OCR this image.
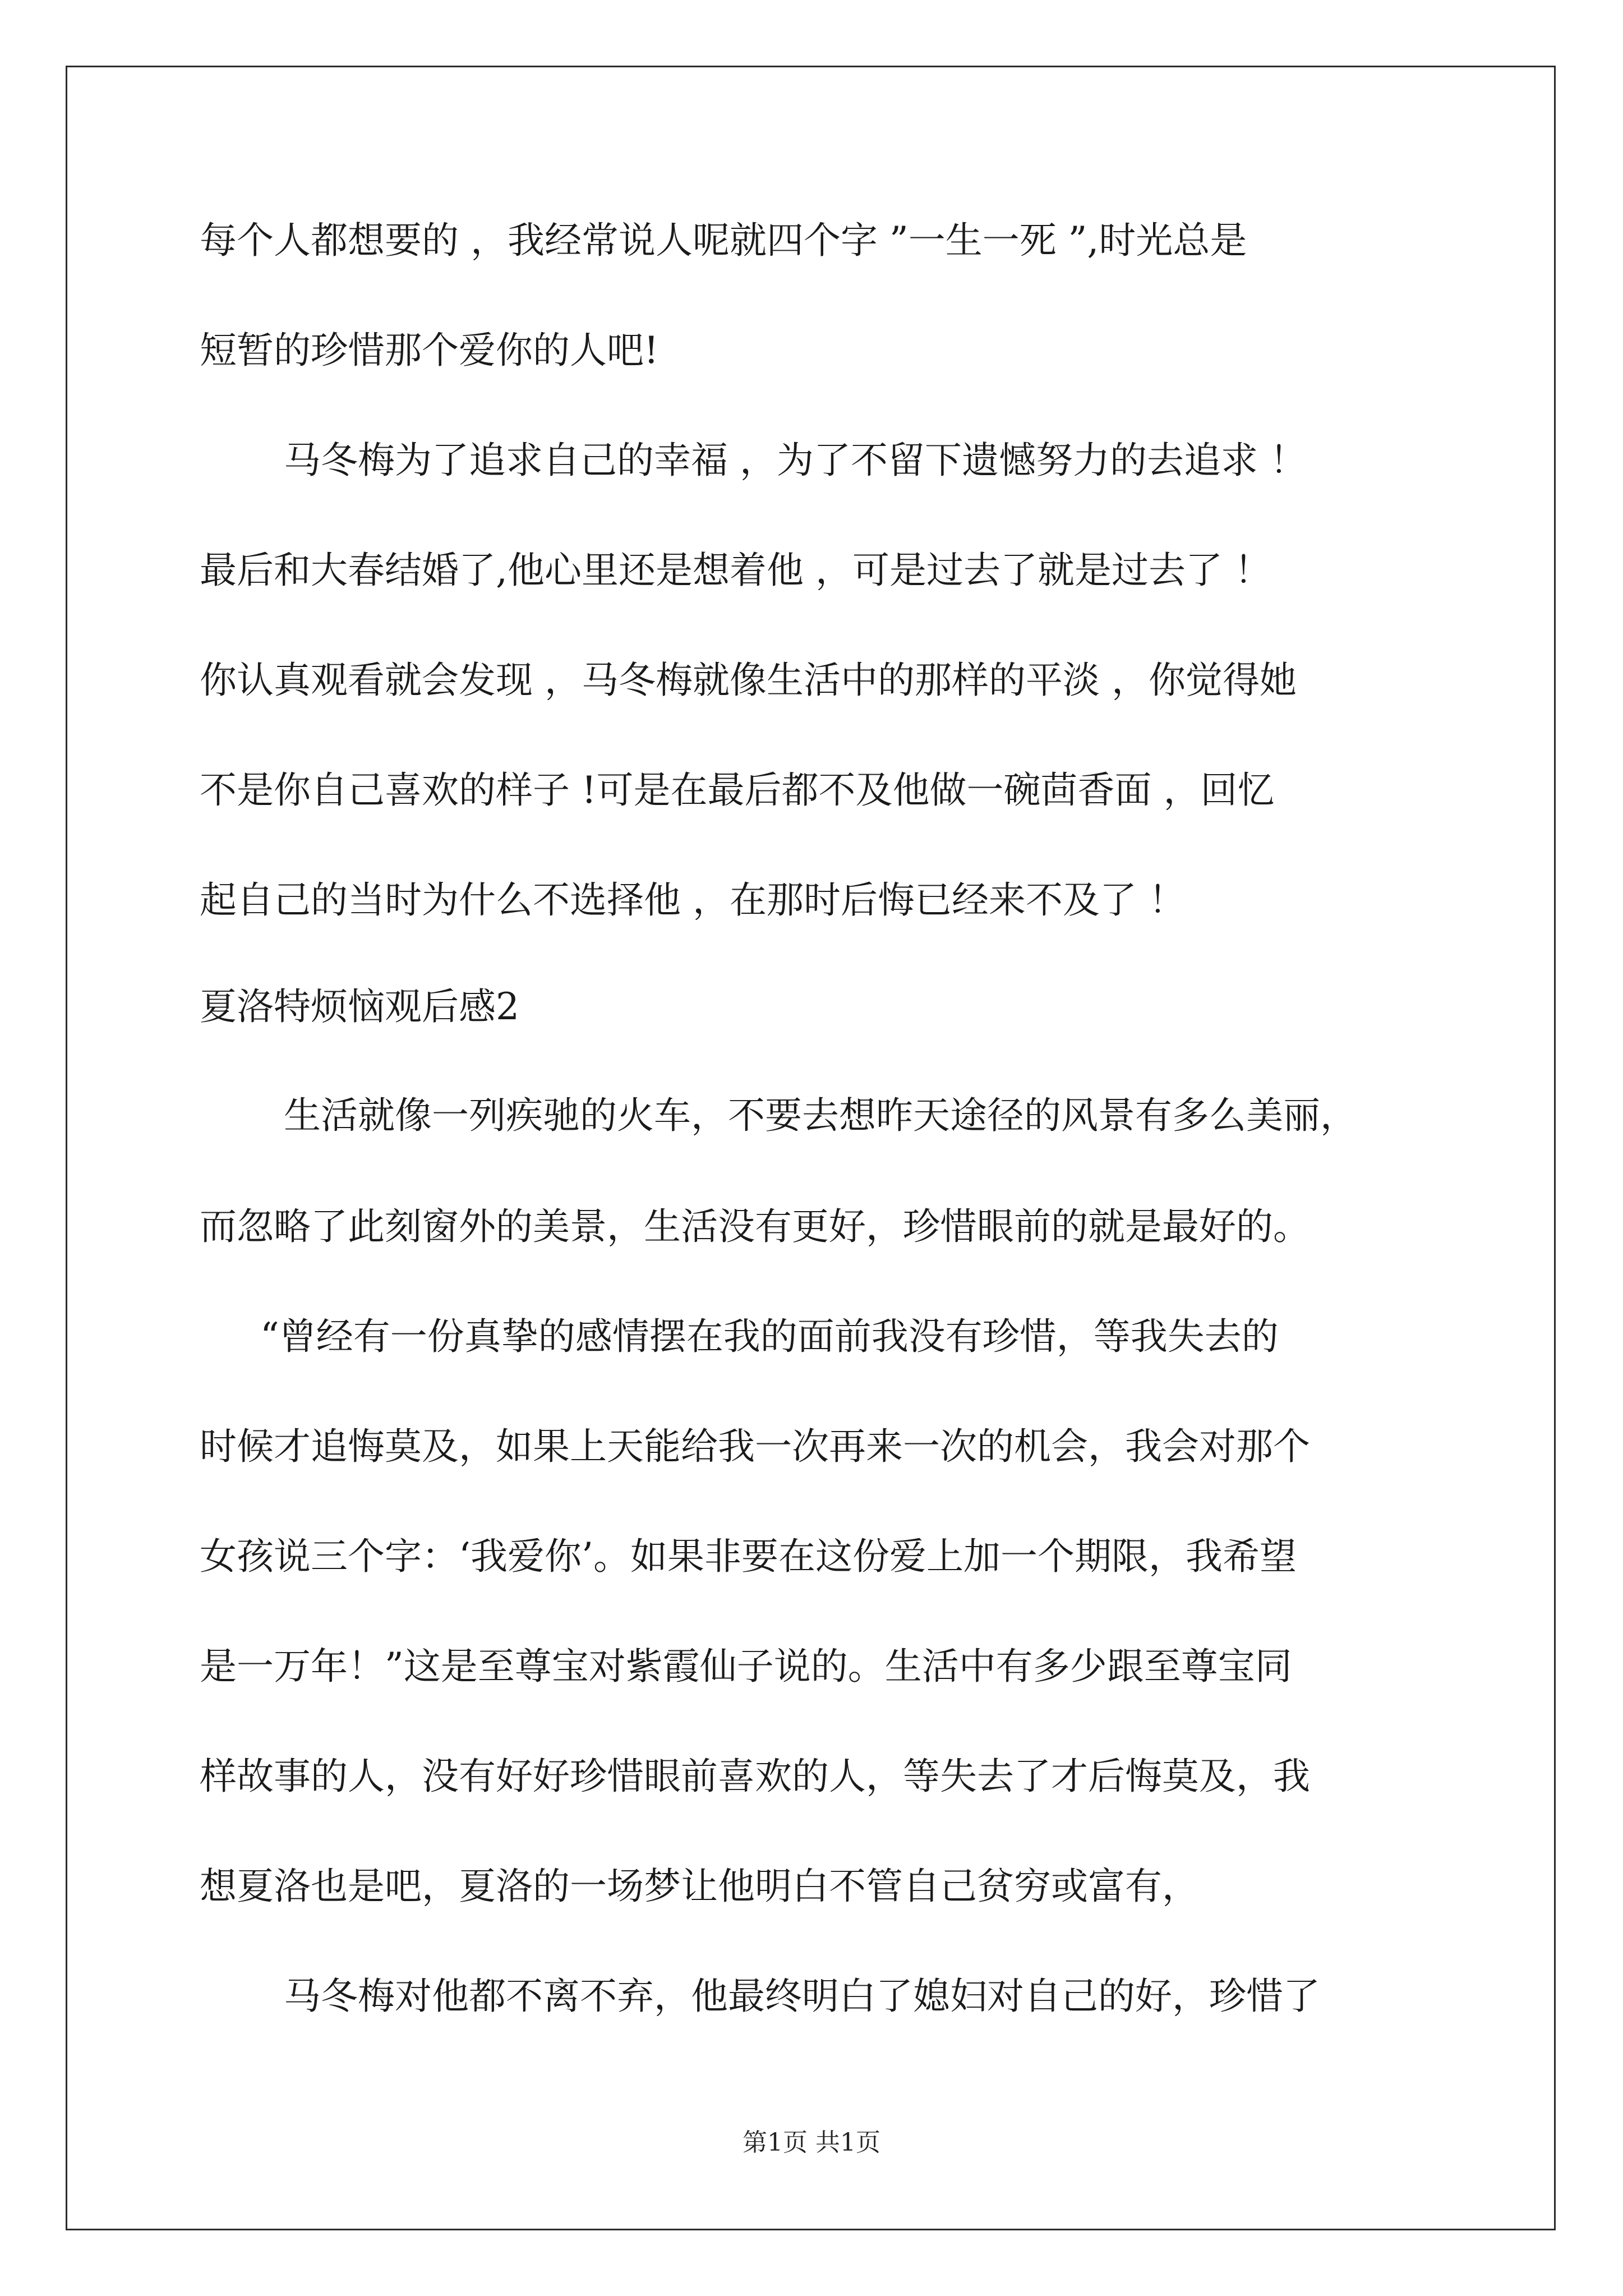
每个人都想要的 ，我经常说人呢就四个字 ”一生一死 ”,时光总是
短暂的珍惜那个爱你的人吧!
马冬梅为了追求自己的幸福 ，为了不留下遗憾努力的去追求 ！
最后和大春结婚了,他心里还是想着他 ，可是过去了就是过去了 ！
你认真观看就会发现 ，马冬梅就像生活中的那样的平淡 ，你觉得她
不是你自己喜欢的样子 !可是在最后都不及他做一碗茴香面 ，回忆
起自己的当时为什么不选择他 ，在那时后悔已经来不及了 ！
夏洛特烦恼观后感2
生活就像一列疾驰的火车，不要去想昨天途径的风景有多么美丽，
而忽略了此刻窗外的美景，生活没有更好，珍惜眼前的就是最好的。
“曾经有一份真挚的感情摆在我的面前我没有珍惜，等我失去的
时候才追悔莫及，如果上天能给我一次再来一次的机会，我会对那个
女孩说三个字：‘我爱你’。如果非要在这份爱上加一个期限，我希望
是一万年！”这是至尊宝对紫霞仙子说的。生活中有多少跟至尊宝同
样故事的人，没有好好珍惜眼前喜欢的人，等失去了才后悔莫及，我
想夏洛也是吧，夏洛的一场梦让他明白不管自己贫穷或富有，
马冬梅对他都不离不弃，他最终明白了媳妇对自己的好，珍惜了
第1页 共1页
